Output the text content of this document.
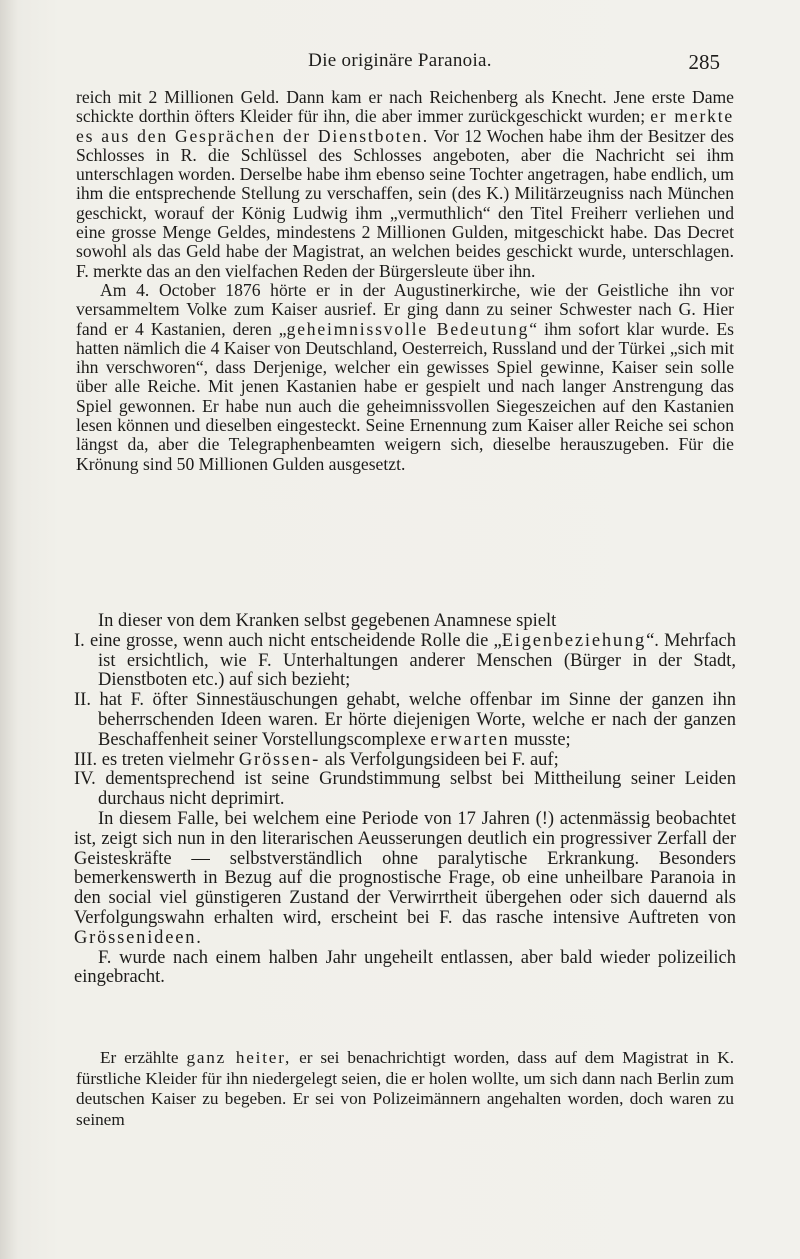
Die originäre Paranoia.	285

reich mit 2 Millionen Geld. Dann kam er nach Reichenberg als Knecht. Jene erste Dame schickte dorthin öfters Kleider für ihn, die aber immer zurückgeschickt wurden; er merkte es aus den Gesprächen der Dienstboten. Vor 12 Wochen habe ihm der Besitzer des Schlosses in R. die Schlüssel des Schlosses angeboten, aber die Nachricht sei ihm unterschlagen worden. Derselbe habe ihm ebenso seine Tochter angetragen, habe endlich, um ihm die entsprechende Stellung zu verschaffen, sein (des K.) Militärzeugniss nach München geschickt, worauf der König Ludwig ihm „vermuthlich“ den Titel Freiherr verliehen und eine grosse Menge Geldes, mindestens 2 Millionen Gulden, mitgeschickt habe. Das Decret sowohl als das Geld habe der Magistrat, an welchen beides geschickt wurde, unterschlagen. F. merkte das an den vielfachen Reden der Bürgersleute über ihn.

Am 4. October 1876 hörte er in der Augustinerkirche, wie der Geistliche ihn vor versammeltem Volke zum Kaiser ausrief. Er ging dann zu seiner Schwester nach G. Hier fand er 4 Kastanien, deren „geheimnissvolle Bedeutung“ ihm sofort klar wurde. Es hatten nämlich die 4 Kaiser von Deutschland, Oesterreich, Russland und der Türkei „sich mit ihn verschworen“, dass Derjenige, welcher ein gewisses Spiel gewinne, Kaiser sein solle über alle Reiche. Mit jenen Kastanien habe er gespielt und nach langer Anstrengung das Spiel gewonnen. Er habe nun auch die geheimnissvollen Siegeszeichen auf den Kastanien lesen können und dieselben eingesteckt. Seine Ernennung zum Kaiser aller Reiche sei schon längst da, aber die Telegraphenbeamten weigern sich, dieselbe herauszugeben. Für die Krönung sind 50 Millionen Gulden ausgesetzt.

In dieser von dem Kranken selbst gegebenen Anamnese spielt

I. eine grosse, wenn auch nicht entscheidende Rolle die „Eigenbeziehung“. Mehrfach ist ersichtlich, wie F. Unterhaltungen anderer Menschen (Bürger in der Stadt, Dienstboten etc.) auf sich bezieht;

II. hat F. öfter Sinnestäuschungen gehabt, welche offenbar im Sinne der ganzen ihn beherrschenden Ideen waren. Er hörte diejenigen Worte, welche er nach der ganzen Beschaffenheit seiner Vorstellungscomplexe erwarten musste;

III. es treten vielmehr Grössen- als Verfolgungsideen bei F. auf;

IV. dementsprechend ist seine Grundstimmung selbst bei Mittheilung seiner Leiden durchaus nicht deprimirt.

In diesem Falle, bei welchem eine Periode von 17 Jahren (!) actenmässig beobachtet ist, zeigt sich nun in den literarischen Aeusserungen deutlich ein progressiver Zerfall der Geisteskräfte — selbstverständlich ohne paralytische Erkrankung. Besonders bemerkenswerth in Bezug auf die prognostische Frage, ob eine unheilbare Paranoia in den social viel günstigeren Zustand der Verwirrtheit übergehen oder sich dauernd als Verfolgungswahn erhalten wird, erscheint bei F. das rasche intensive Auftreten von Grössenideen.

F. wurde nach einem halben Jahr ungeheilt entlassen, aber bald wieder polizeilich eingebracht.

Er erzählte ganz heiter, er sei benachrichtigt worden, dass auf dem Magistrat in K. fürstliche Kleider für ihn niedergelegt seien, die er holen wollte, um sich dann nach Berlin zum deutschen Kaiser zu begeben. Er sei von Polizeimännern angehalten worden, doch waren zu seinem
